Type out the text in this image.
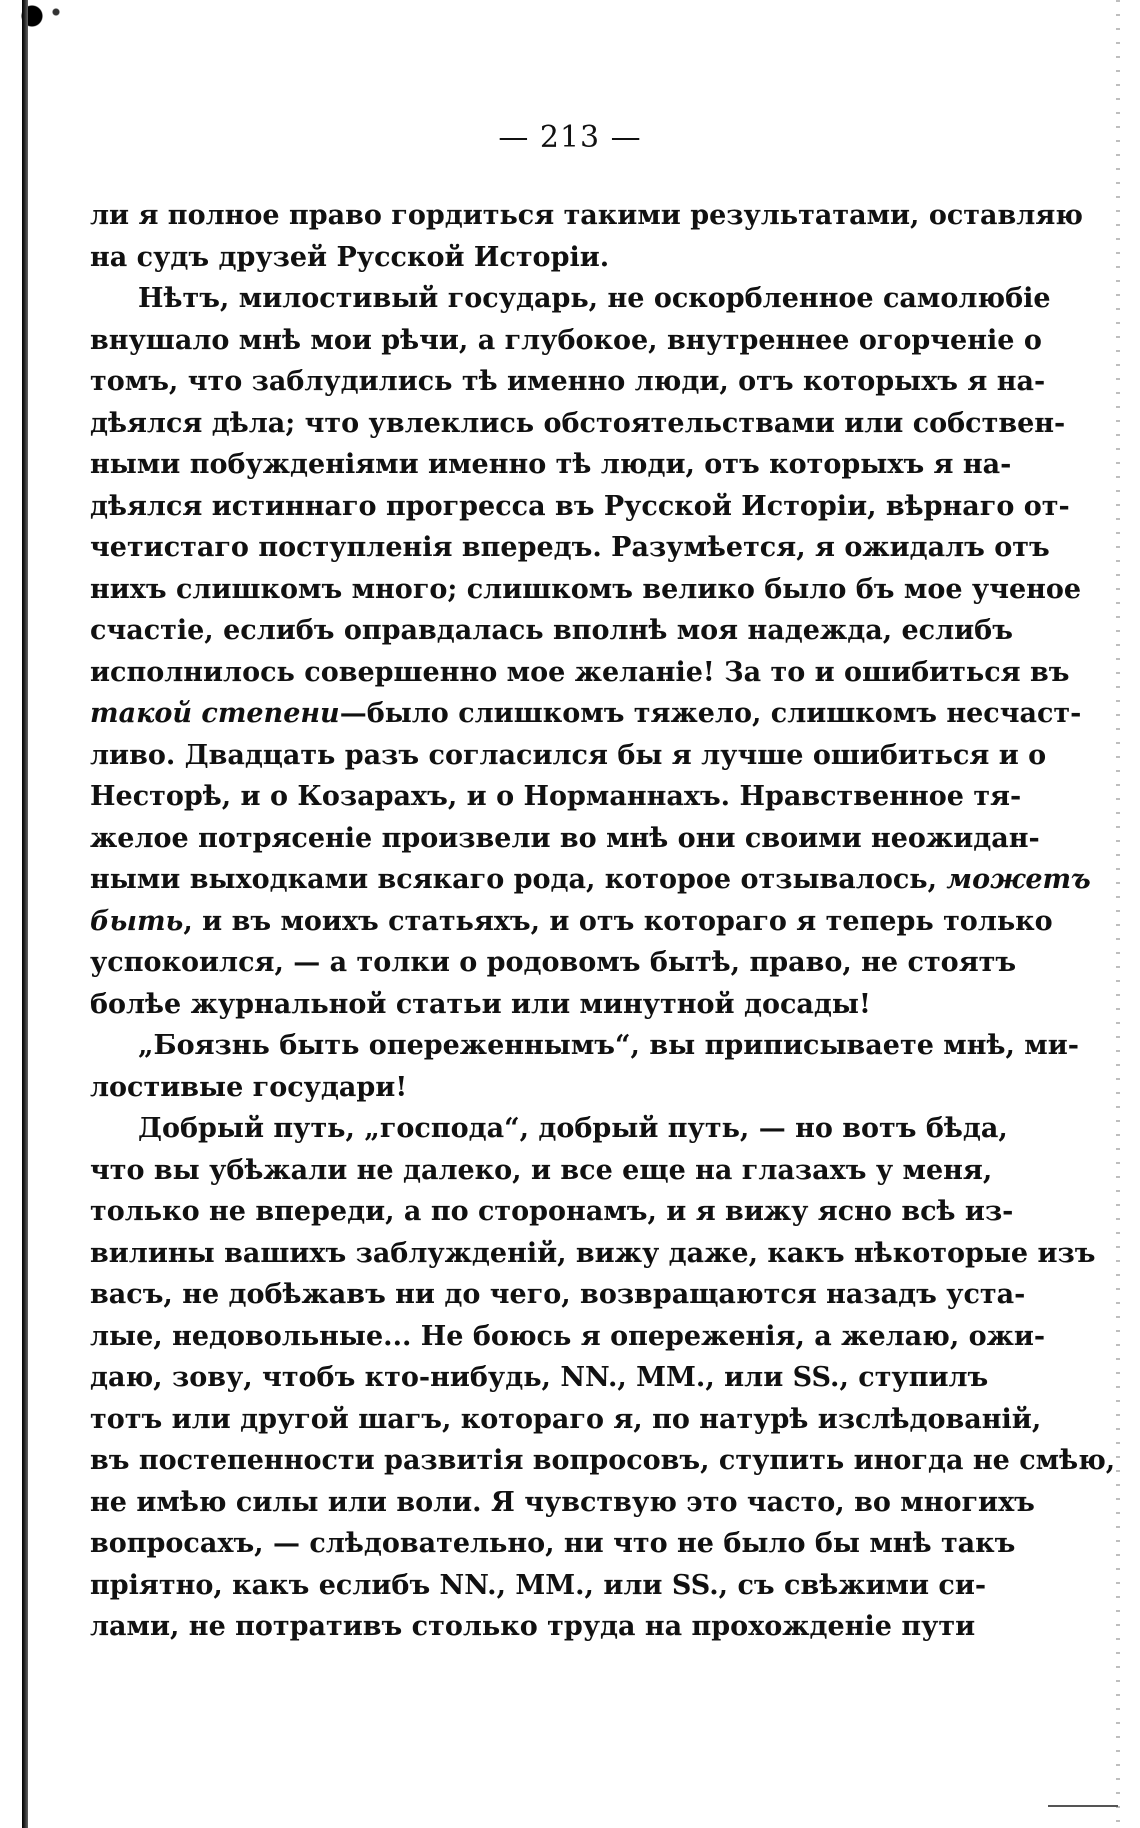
— 213 —
ли я полное право гордиться такими результатами, оставляю
на судъ друзей Русской Исторіи.
Нѣтъ, милостивый государь, не оскорбленное самолюбіе
внушало мнѣ мои рѣчи, а глубокое, внутреннее огорченіе о
томъ, что заблудились тѣ именно люди, отъ которыхъ я на-
дѣялся дѣла; что увлеклись обстоятельствами или собствен-
ными побужденіями именно тѣ люди, отъ которыхъ я на-
дѣялся истиннаго прогресса въ Русской Исторіи, вѣрнаго от-
четистаго поступленія впередъ. Разумѣется, я ожидалъ отъ
нихъ слишкомъ много; слишкомъ велико было бъ мое ученое
счастіе, еслибъ оправдалась вполнѣ моя надежда, еслибъ
исполнилось совершенно мое желаніе! За то и ошибиться въ
такой степени—было слишкомъ тяжело, слишкомъ несчаст-
ливо. Двадцать разъ согласился бы я лучше ошибиться и о
Несторѣ, и о Козарахъ, и о Норманнахъ. Нравственное тя-
желое потрясеніе произвели во мнѣ они своими неожидан-
ными выходками всякаго рода, которое отзывалось, можетъ
быть, и въ моихъ статьяхъ, и отъ котораго я теперь только
успокоился, — а толки о родовомъ бытѣ, право, не стоятъ
болѣе журнальной статьи или минутной досады!
„Боязнь быть опереженнымъ“, вы приписываете мнѣ, ми-
лостивые государи!
Добрый путь, „господа“, добрый путь, — но вотъ бѣда,
что вы убѣжали не далеко, и все еще на глазахъ у меня,
только не впереди, а по сторонамъ, и я вижу ясно всѣ из-
вилины вашихъ заблужденій, вижу даже, какъ нѣкоторые изъ
васъ, не добѣжавъ ни до чего, возвращаются назадъ уста-
лые, недовольные... Не боюсь я опереженія, а желаю, ожи-
даю, зову, чтобъ кто-нибудь, NN., MM., или SS., ступилъ
тотъ или другой шагъ, котораго я, по натурѣ изслѣдованій,
въ постепенности развитія вопросовъ, ступить иногда не смѣю,
не имѣю силы или воли. Я чувствую это часто, во многихъ
вопросахъ, — слѣдовательно, ни что не было бы мнѣ такъ
пріятно, какъ еслибъ NN., MM., или SS., съ свѣжими си-
лами, не потративъ столько труда на прохожденіе пути
